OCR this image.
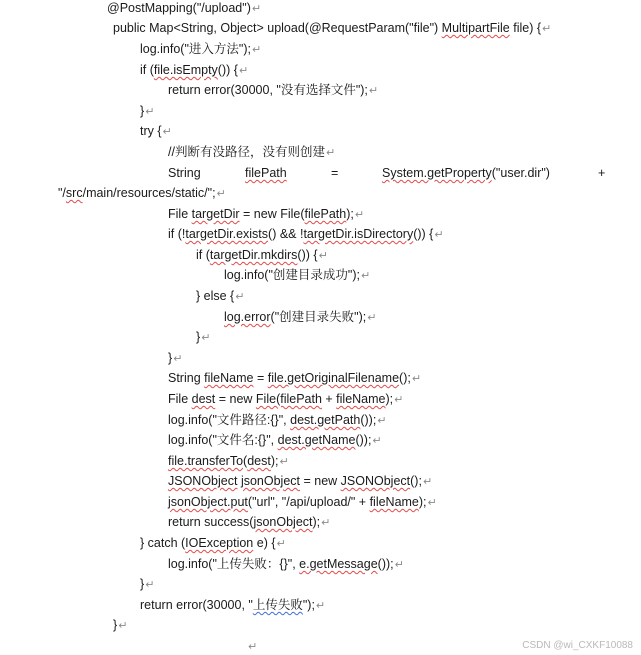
@PostMapping("/upload")↵
public Map<String, Object> upload(@RequestParam("file") MultipartFile file) {↵
log.info("进入方法");↵
if (file.isEmpty()) {↵
return error(30000, "没有选择文件");↵
}↵
try {↵
//判断有没路径，没有则创建↵
String	filePath	=	System.getProperty("user.dir")	+
"/src/main/resources/static/";↵
File targetDir = new File(filePath);↵
if (!targetDir.exists() && !targetDir.isDirectory()) {↵
if (targetDir.mkdirs()) {↵
log.info("创建目录成功");↵
} else {↵
log.error("创建目录失败");↵
}↵
}↵
String fileName = file.getOriginalFilename();↵
File dest = new File(filePath + fileName);↵
log.info("文件路径:{}", dest.getPath());↵
log.info("文件名:{}", dest.getName());↵
file.transferTo(dest);↵
JSONObject jsonObject = new JSONObject();↵
jsonObject.put("url", "/api/upload/" + fileName);↵
return success(jsonObject);↵
} catch (IOException e) {↵
log.info("上传失败：{}", e.getMessage());↵
}↵
return error(30000, "上传失败");↵
}↵
↵	CSDN @wi_CXKF10088
